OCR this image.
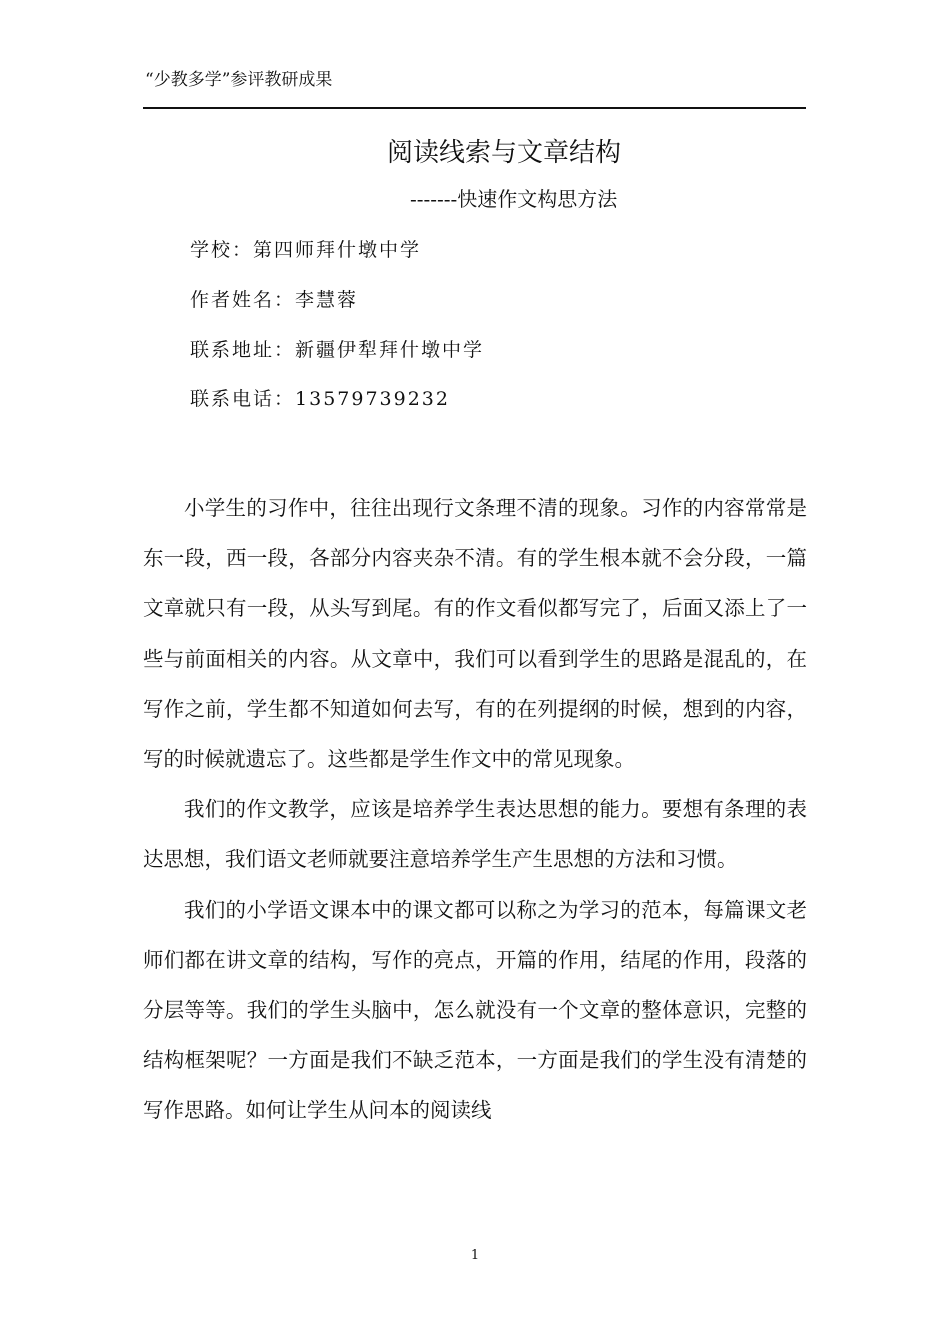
“少教多学”参评教研成果
阅读线索与文章结构
-------快速作文构思方法
学校：第四师拜什墩中学
作者姓名：李慧蓉
联系地址：新疆伊犁拜什墩中学
联系电话：13579739232

小学生的习作中，往往出现行文条理不清的现象。习作的内容常常是东一段，西一段，各部分内容夹杂不清。有的学生根本就不会分段，一篇文章就只有一段，从头写到尾。有的作文看似都写完了，后面又添上了一些与前面相关的内容。从文章中，我们可以看到学生的思路是混乱的，在写作之前，学生都不知道如何去写，有的在列提纲的时候，想到的内容，写的时候就遗忘了。这些都是学生作文中的常见现象。

我们的作文教学，应该是培养学生表达思想的能力。要想有条理的表达思想，我们语文老师就要注意培养学生产生思想的方法和习惯。

我们的小学语文课本中的课文都可以称之为学习的范本，每篇课文老师们都在讲文章的结构，写作的亮点，开篇的作用，结尾的作用，段落的分层等等。我们的学生头脑中，怎么就没有一个文章的整体意识，完整的结构框架呢？一方面是我们不缺乏范本，一方面是我们的学生没有清楚的写作思路。如何让学生从问本的阅读线

1
